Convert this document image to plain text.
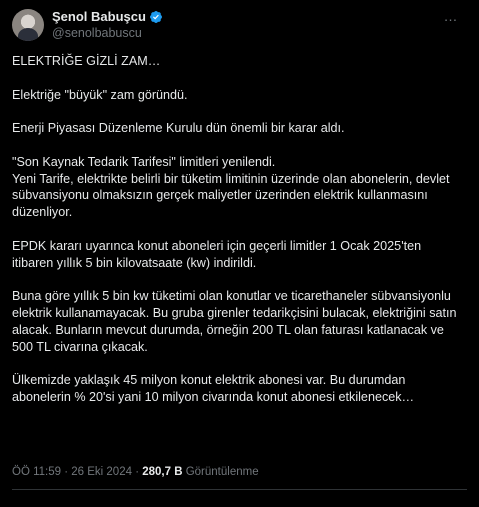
Şenol Babuşcu
@senolbabuscu
…

ELEKTRİĞE GİZLİ ZAM…

Elektriğe "büyük" zam göründü.

Enerji Piyasası Düzenleme Kurulu dün önemli bir karar aldı.

"Son Kaynak Tedarik Tarifesi" limitleri yenilendi.
Yeni Tarife, elektrikte belirli bir tüketim limitinin üzerinde olan abonelerin, devlet sübvansiyonu olmaksızın gerçek maliyetler üzerinden elektrik kullanmasını düzenliyor.

EPDK kararı uyarınca konut aboneleri için geçerli limitler 1 Ocak 2025'ten itibaren yıllık 5 bin kilovatsaate (kw) indirildi.

Buna göre yıllık 5 bin kw tüketimi olan konutlar ve ticarethaneler sübvansiyonlu elektrik kullanamayacak. Bu gruba girenler tedarikçisini bulacak, elektriğini satın alacak. Bunların mevcut durumda, örneğin 200 TL olan faturası katlanacak ve 500 TL civarına çıkacak.

Ülkemizde yaklaşık 45 milyon konut elektrik abonesi var. Bu durumdan abonelerin % 20'si yani 10 milyon civarında konut abonesi etkilenecek…

ÖÖ 11:59 · 26 Eki 2024 · 280,7 B Görüntülenme
